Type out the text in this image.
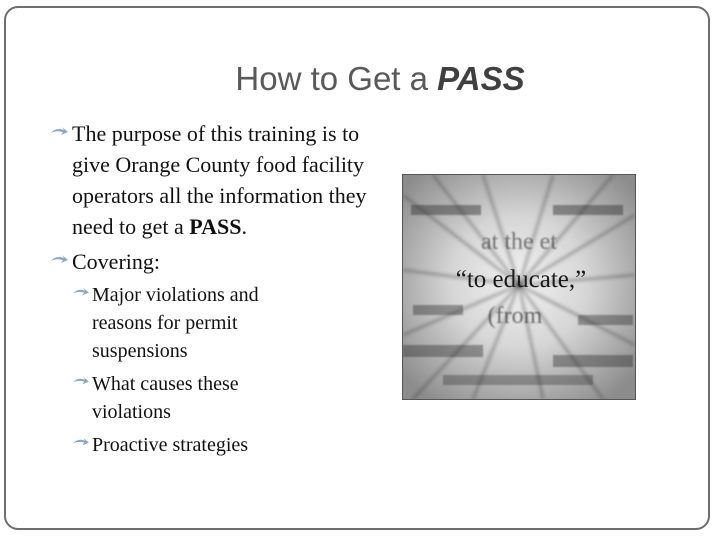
How to Get a PASS

The purpose of this training is to give Orange County food facility operators all the information they need to get a PASS.

Covering:

Major violations and reasons for permit suspensions

What causes these violations

Proactive strategies

at the et
“to educate,”
(from
